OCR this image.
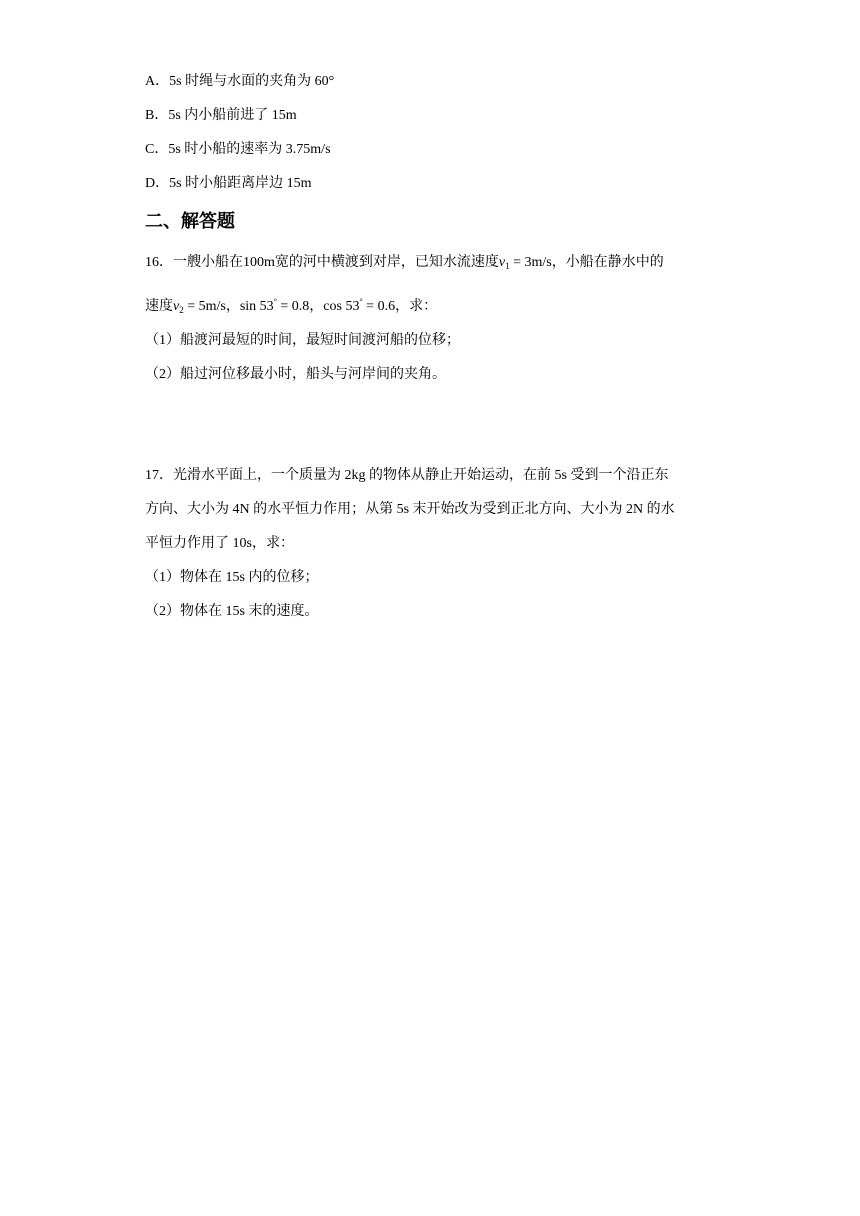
A．5s 时绳与水面的夹角为 60°
B．5s 内小船前进了 15m
C．5s 时小船的速率为 3.75m/s
D．5s 时小船距离岸边 15m
二、解答题
16．一艘小船在100m宽的河中横渡到对岸，已知水流速度$v_1 = 3m/s$，小船在静水中的
速度$v_2 = 5m/s$，sin 53° = 0.8，cos 53° = 0.6，求：
（1）船渡河最短的时间，最短时间渡河船的位移；
（2）船过河位移最小时，船头与河岸间的夹角。
17．光滑水平面上，一个质量为 2kg 的物体从静止开始运动，在前 5s 受到一个沿正东
方向、大小为 4N 的水平恒力作用；从第 5s 末开始改为受到正北方向、大小为 2N 的水
平恒力作用了 10s，求：
（1）物体在 15s 内的位移；
（2）物体在 15s 末的速度。
